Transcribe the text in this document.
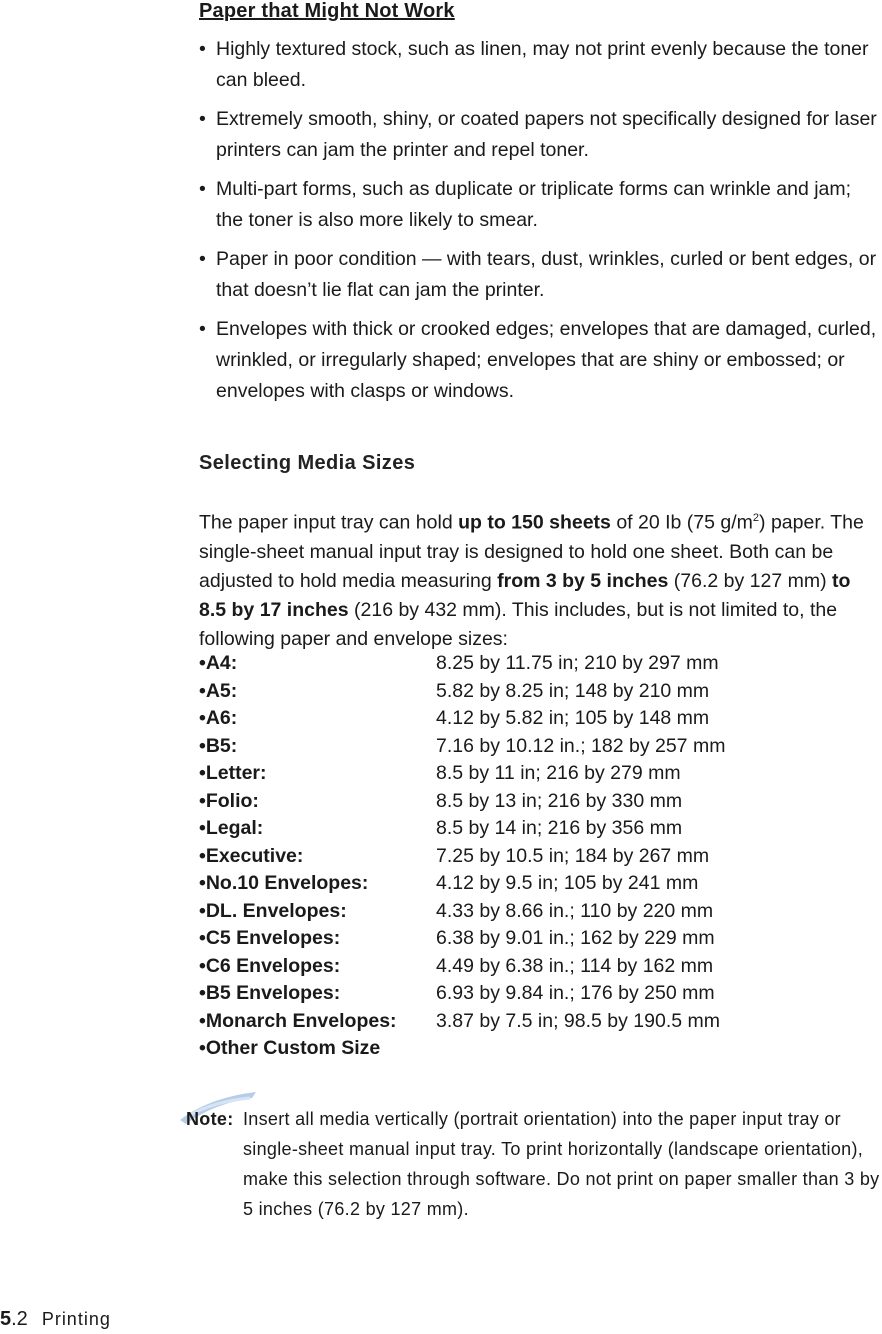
Paper that Might Not Work
• Highly textured stock, such as linen, may not print evenly because the toner can bleed.
• Extremely smooth, shiny, or coated papers not specifically designed for laser printers can jam the printer and repel toner.
• Multi-part forms, such as duplicate or triplicate forms can wrinkle and jam; the toner is also more likely to smear.
• Paper in poor condition — with tears, dust, wrinkles, curled or bent edges, or that doesn’t lie flat can jam the printer.
• Envelopes with thick or crooked edges; envelopes that are damaged, curled, wrinkled, or irregularly shaped; envelopes that are shiny or embossed; or envelopes with clasps or windows.
Selecting Media Sizes
The paper input tray can hold up to 150 sheets of 20 Ib (75 $g/m^2$) paper. The single-sheet manual input tray is designed to hold one sheet. Both can be adjusted to hold media measuring from 3 by 5 inches (76.2 by 127 mm) to 8.5 by 17 inches (216 by 432 mm). This includes, but is not limited to, the following paper and envelope sizes:
•A4:	8.25 by 11.75 in; 210 by 297 mm
•A5:	5.82 by 8.25 in; 148 by 210 mm
•A6:	4.12 by 5.82 in; 105 by 148 mm
•B5:	7.16 by 10.12 in.; 182 by 257 mm
•Letter:	8.5 by 11 in; 216 by 279 mm
•Folio:	8.5 by 13 in; 216 by 330 mm
•Legal:	8.5 by 14 in; 216 by 356 mm
•Executive:	7.25 by 10.5 in; 184 by 267 mm
•No.10 Envelopes:	4.12 by 9.5 in; 105 by 241 mm
•DL. Envelopes:	4.33 by 8.66 in.; 110 by 220 mm
•C5 Envelopes:	6.38 by 9.01 in.; 162 by 229 mm
•C6 Envelopes:	4.49 by 6.38 in.; 114 by 162 mm
•B5 Envelopes:	6.93 by 9.84 in.; 176 by 250 mm
•Monarch Envelopes: 3.87 by 7.5 in; 98.5 by 190.5 mm
•Other Custom Size
Note: Insert all media vertically (portrait orientation) into the paper input tray or single-sheet manual input tray. To print horizontally (landscape orientation), make this selection through software. Do not print on paper smaller than 3 by 5 inches (76.2 by 127 mm).
5.2 Printing
